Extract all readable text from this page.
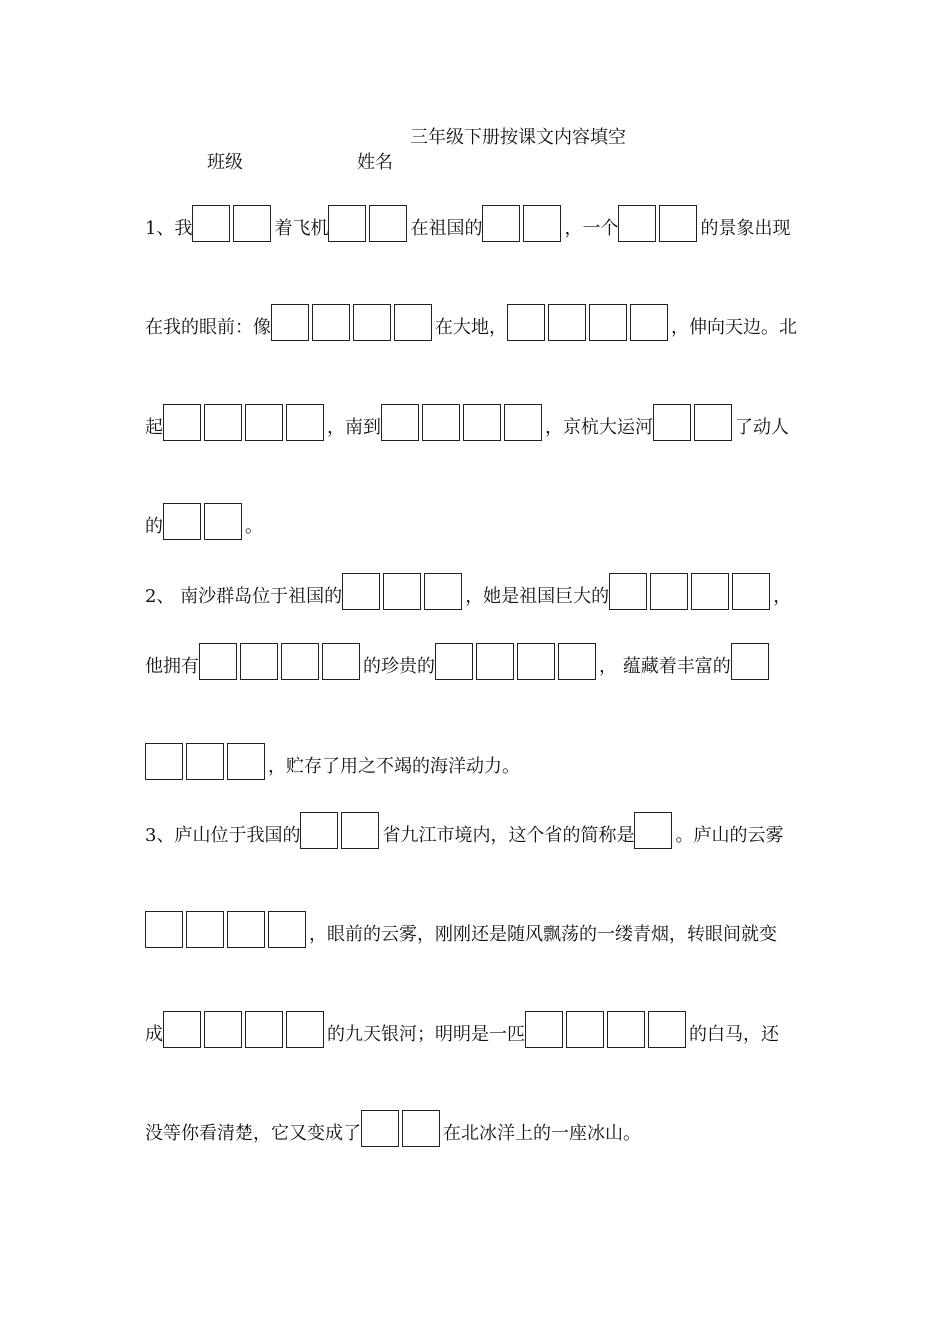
三年级下册按课文内容填空
班级	姓名
1、我	着飞机	在祖国的	，一个	的景象出现
在我的眼前：像	在大地，	，伸向天边。北
起	，南到	，京杭大运河	了动人
的	。
2、 南沙群岛位于祖国的	，她是祖国巨大的	，
他拥有	的珍贵的	， 蕴藏着丰富的
，贮存了用之不竭的海洋动力。
3、庐山位于我国的	省九江市境内，这个省的简称是 。庐山的云雾
，眼前的云雾，刚刚还是随风飘荡的一缕青烟，转眼间就变
成	的九天银河；明明是一匹	的白马，还
没等你看清楚，它又变成了	在北冰洋上的一座冰山。
